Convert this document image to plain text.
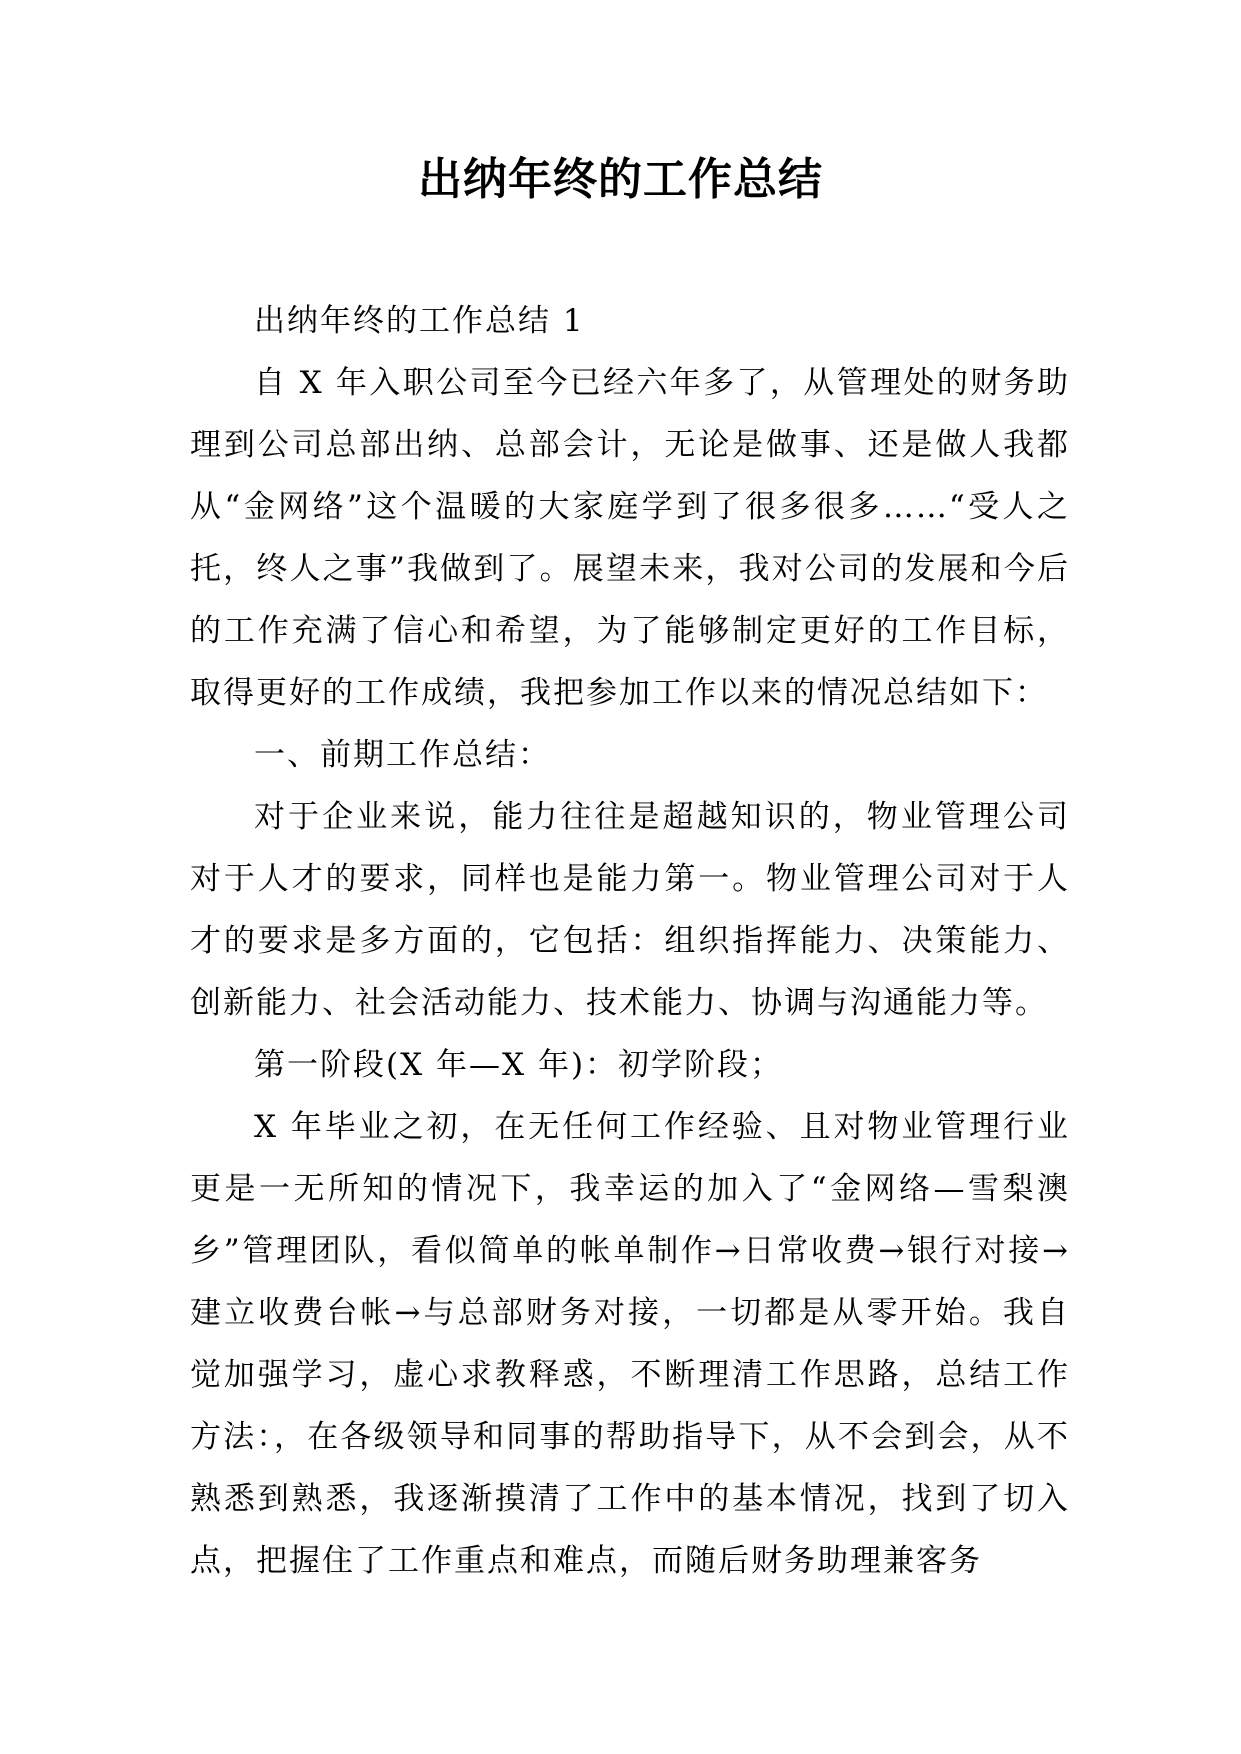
出纳年终的工作总结

出纳年终的工作总结 1

自 X 年入职公司至今已经六年多了，从管理处的财务助理到公司总部出纳、总部会计，无论是做事、还是做人我都从“金网络”这个温暖的大家庭学到了很多很多……“受人之托，终人之事”我做到了。展望未来，我对公司的发展和今后的工作充满了信心和希望，为了能够制定更好的工作目标，取得更好的工作成绩，我把参加工作以来的情况总结如下：

一、前期工作总结：

对于企业来说，能力往往是超越知识的，物业管理公司对于人才的要求，同样也是能力第一。物业管理公司对于人才的要求是多方面的，它包括：组织指挥能力、决策能力、创新能力、社会活动能力、技术能力、协调与沟通能力等。

第一阶段(X 年—X 年)：初学阶段；

X 年毕业之初，在无任何工作经验、且对物业管理行业更是一无所知的情况下，我幸运的加入了“金网络—雪梨澳乡”管理团队，看似简单的帐单制作→日常收费→银行对接→建立收费台帐→与总部财务对接，一切都是从零开始。我自觉加强学习，虚心求教释惑，不断理清工作思路，总结工作方法：，在各级领导和同事的帮助指导下，从不会到会，从不熟悉到熟悉，我逐渐摸清了工作中的基本情况，找到了切入点，把握住了工作重点和难点，而随后财务助理兼客务
